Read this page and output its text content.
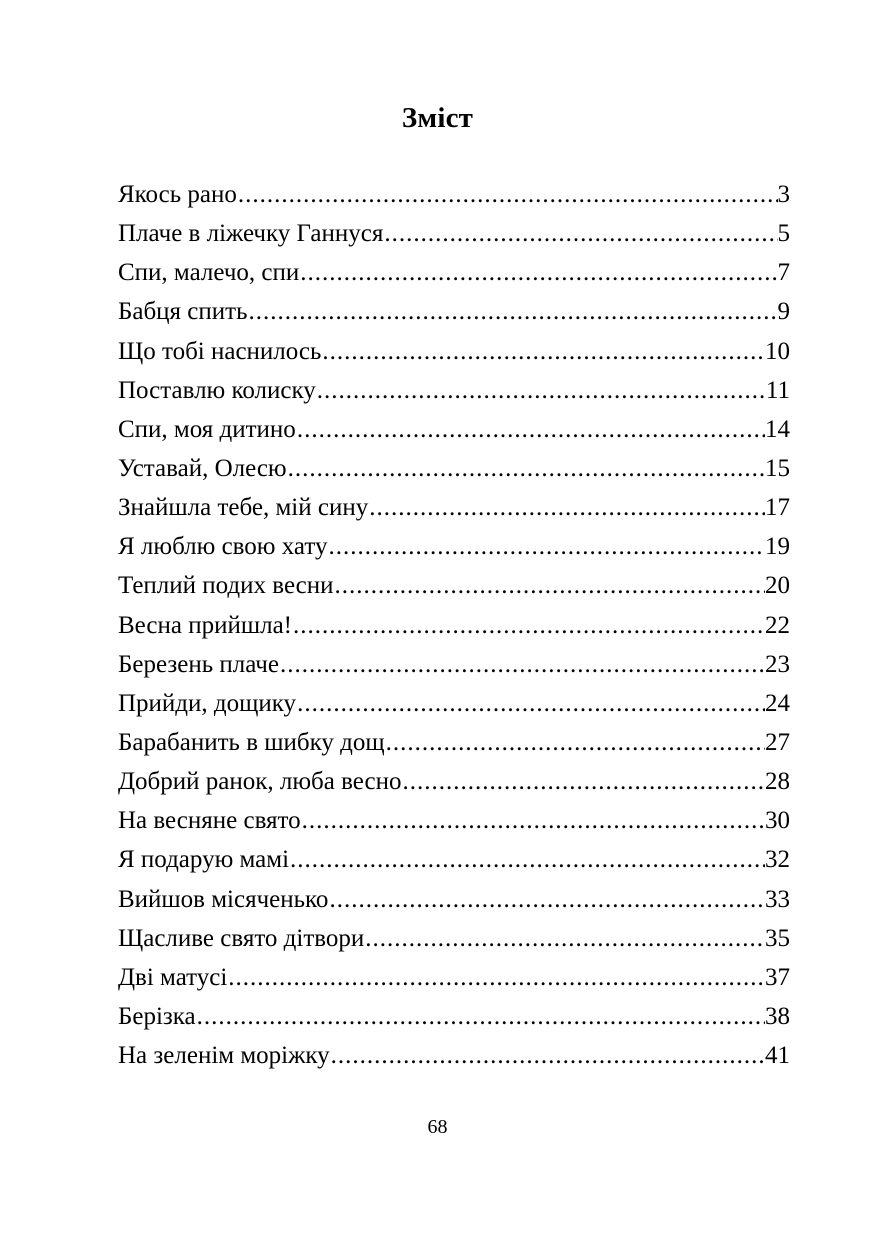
Зміст
Якось рано .....	3
Плаче в ліжечку Ганнуся .....	5
Спи, малечо, спи .....	7
Бабця спить .....	9
Що тобі наснилось .....	10
Поставлю колиску .....	11
Спи, моя дитино .....	14
Уставай, Олесю .....	15
Знайшла тебе, мій сину .....	17
Я люблю свою хату .....	19
Теплий подих весни .....	20
Весна прийшла! .....	22
Березень плаче .....	23
Прийди, дощику .....	24
Барабанить в шибку дощ .....	27
Добрий ранок, люба весно .....	28
На весняне свято .....	30
Я подарую мамі .....	32
Вийшов місяченько .....	33
Щасливе свято дітвори .....	35
Дві матусі .....	37
Берізка .....	38
На зеленім моріжку .....	41
68
